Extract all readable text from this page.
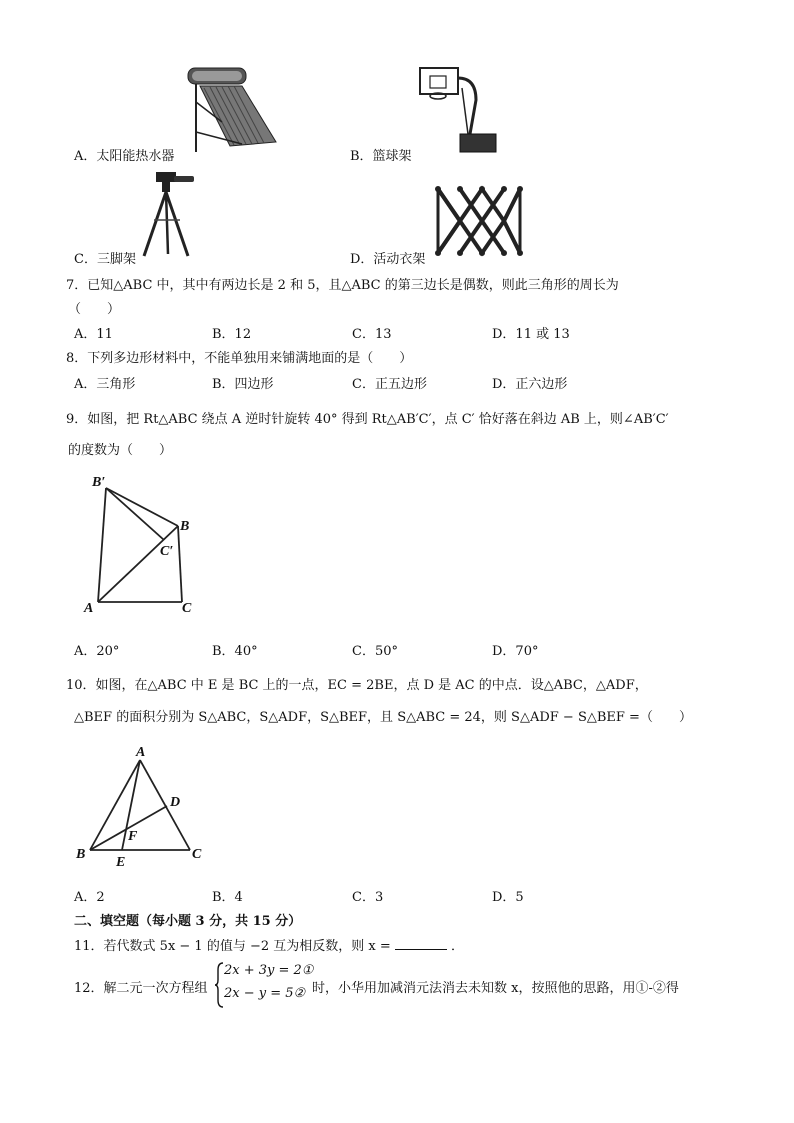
A．太阳能热水器	B．篮球架
C．三脚架	D．活动衣架
7．已知△ABC 中，其中有两边长是 2 和 5，且△ABC 的第三边长是偶数，则此三角形的周长为
（　　）
A．11	B．12	C．13	D．11 或 13
8．下列多边形材料中，不能单独用来铺满地面的是（　　）
A．三角形	B．四边形	C．正五边形	D．正六边形
9．如图，把 Rt△ABC 绕点 A 逆时针旋转 40° 得到 Rt△AB′C′，点 C′ 恰好落在斜边 AB 上，则∠AB′C′
的度数为（　　）
B′
B
C′
A	C
A．20°	B．40°	C．50°	D．70°
10．如图，在△ABC 中 E 是 BC 上的一点，EC = 2BE，点 D 是 AC 的中点．设△ABC，△ADF，
△BEF 的面积分别为 S△ABC，S△ADF，S△BEF，且 S△ABC = 24，则 S△ADF − S△BEF =（　　）
A
D
F
B
E
C
A．2	B．4	C．3	D．5
二、填空题（每小题 3 分，共 15 分）
11．若代数式 5x − 1 的值与 −2 互为相反数，则 x =	．
12．解二元一次方程组
2x + 3y = 2①
2x − y = 5② 时，小华用加减消元法消去未知数 x，按照他的思路，用①-②得
